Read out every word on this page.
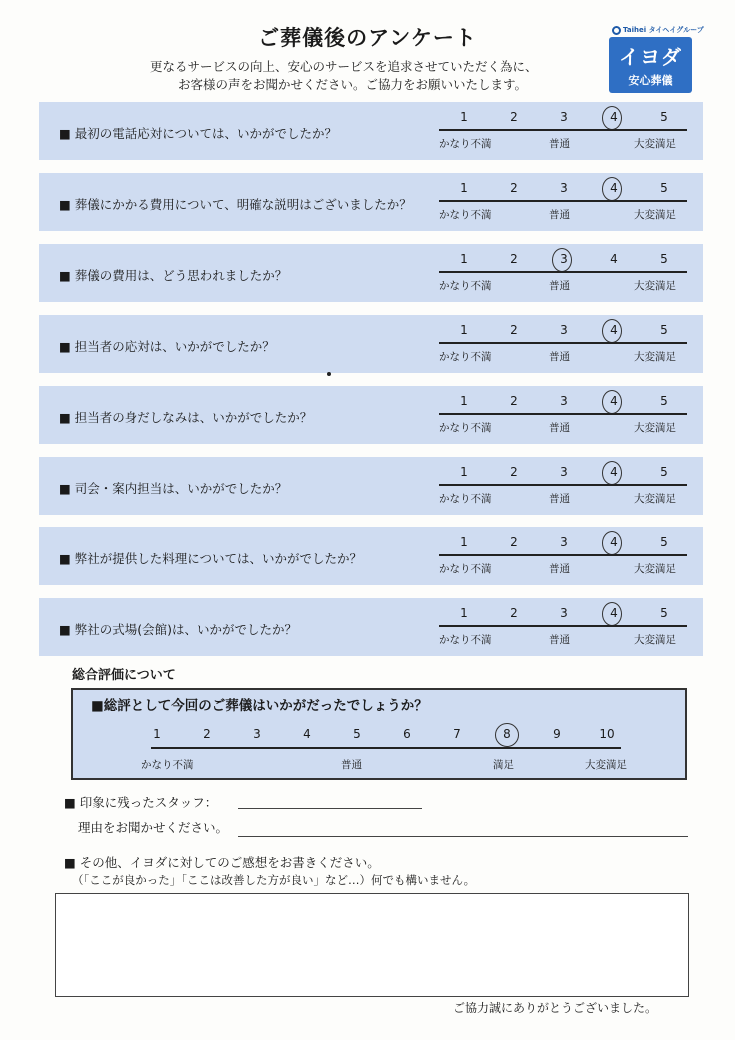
ご葬儀後のアンケート
更なるサービスの向上、安心のサービスを追求させていただく為に、
お客様の声をお聞かせください。ご協力をお願いいたします。
Taihei タイヘイグループ
イヨダ
安心葬儀
■ 最初の電話応対については、いかがでしたか？
1	2	3	4	5
かなり不満	普通	大変満足
■ 葬儀にかかる費用について、明確な説明はございましたか？
1	2	3	4	5
かなり不満	普通	大変満足
■ 葬儀の費用は、どう思われましたか？
1	2	3	4	5
かなり不満	普通	大変満足
■ 担当者の応対は、いかがでしたか？
1	2	3	4	5
かなり不満	普通	大変満足
■ 担当者の身だしなみは、いかがでしたか？
1	2	3	4	5
かなり不満	普通	大変満足
■ 司会・案内担当は、いかがでしたか？
1	2	3	4	5
かなり不満	普通	大変満足
■ 弊社が提供した料理については、いかがでしたか？
1	2	3	4	5
かなり不満	普通	大変満足
■ 弊社の式場(会館)は、いかがでしたか？
1	2	3	4	5
かなり不満	普通	大変満足
総合評価について
■総評として今回のご葬儀はいかがだったでしょうか？
1	2	3	4	5	6	7	8	9	10
かなり不満	普通	満足	大変満足
■ 印象に残ったスタッフ：
理由をお聞かせください。
■ その他、イヨダに対してのご感想をお書きください。
（「ここが良かった」「ここは改善した方が良い」など…）何でも構いません。
ご協力誠にありがとうございました。
